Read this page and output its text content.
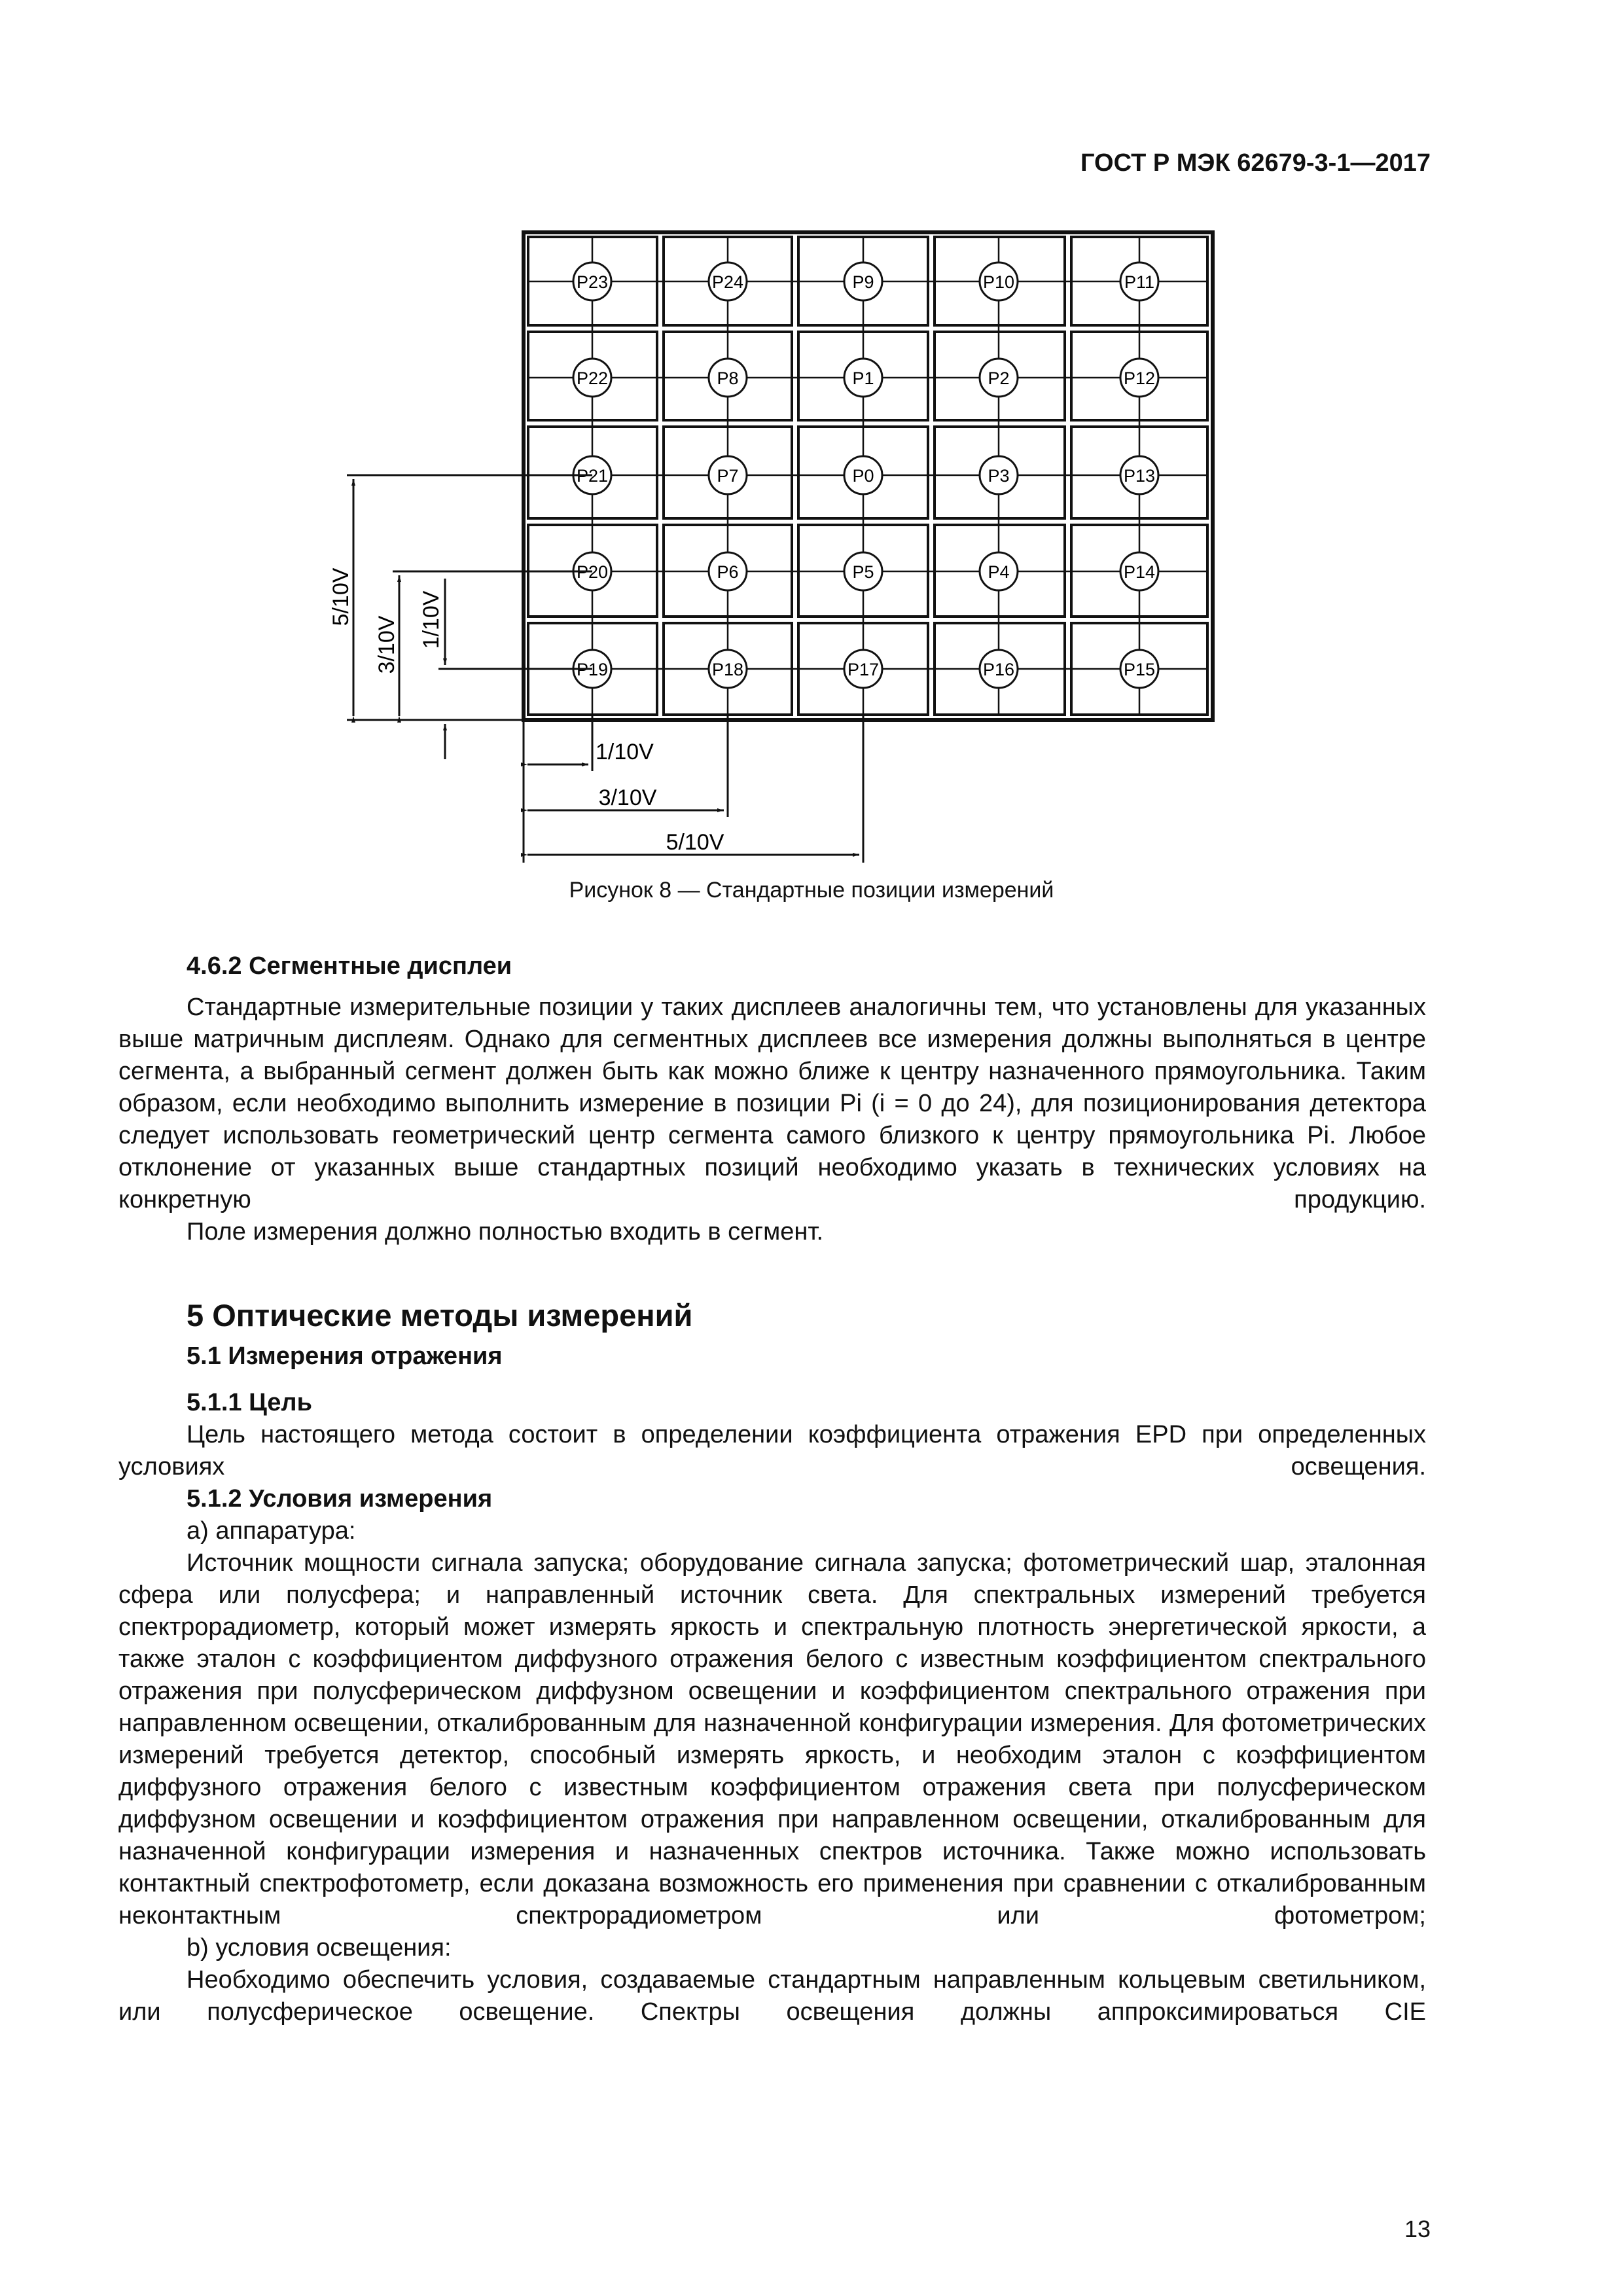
ГОСТ Р МЭК 62679-3-1—2017
P23	P24	P9	P10	P11
P22	P8	P1	P2	P12
P21	P7	P0	P3	P13
P20	P6	P5	P4	P14
P19	P18	P17	P16	P15
5/10V
3/10V 1/10V
1/10V
3/10V
5/10V
Рисунок 8 — Стандартные позиции измерений
4.6.2 Сегментные дисплеи
Стандартные измерительные позиции у таких дисплеев аналогичны тем, что установлены для указанных выше матричным дисплеям. Однако для сегментных дисплеев все измерения должны выполняться в центре сегмента, а выбранный сегмент должен быть как можно ближе к центру назначенного прямоугольника. Таким образом, если необходимо выполнить измерение в позиции Pi (i = 0 до 24), для позиционирования детектора следует использовать геометрический центр сегмента самого близкого к центру прямоугольника Pi. Любое отклонение от указанных выше стандартных позиций необходимо указать в технических условиях на конкретную продукцию.
Поле измерения должно полностью входить в сегмент.
5 Оптические методы измерений
5.1 Измерения отражения
5.1.1 Цель
Цель настоящего метода состоит в определении коэффициента отражения EPD при определенных условиях освещения.
5.1.2 Условия измерения
a) аппаратура:
Источник мощности сигнала запуска; оборудование сигнала запуска; фотометрический шар, эталонная сфера или полусфера; и направленный источник света. Для спектральных измерений требуется спектрорадиометр, который может измерять яркость и спектральную плотность энергетической яркости, а также эталон с коэффициентом диффузного отражения белого с известным коэффициентом спектрального отражения при полусферическом диффузном освещении и коэффициентом спектрального отражения при направленном освещении, откалиброванным для назначенной конфигурации измерения. Для фотометрических измерений требуется детектор, способный измерять яркость, и необходим эталон с коэффициентом диффузного отражения белого с известным коэффициентом отражения света при полусферическом диффузном освещении и коэффициентом отражения при направленном освещении, откалиброванным для назначенной конфигурации измерения и назначенных спектров источника. Также можно использовать контактный спектрофотометр, если доказана возможность его применения при сравнении с откалиброванным неконтактным спектрорадиометром или фотометром;
b) условия освещения:
Необходимо обеспечить условия, создаваемые стандартным направленным кольцевым светильником, или полусферическое освещение. Спектры освещения должны аппроксимироваться CIE
13
